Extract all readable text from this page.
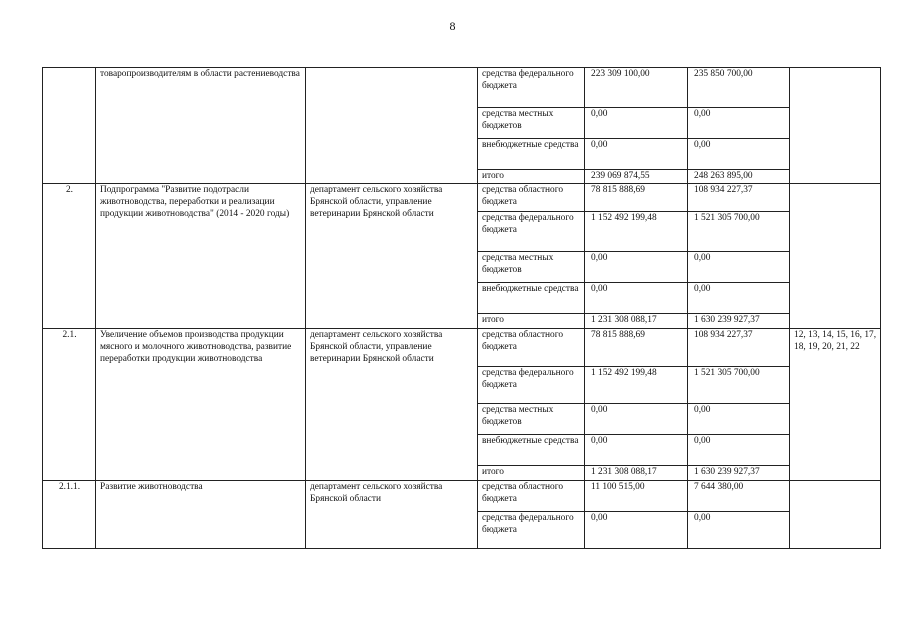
8
	товаропроизводителям в области растениеводства		средства федерального бюджета	223 309 100,00	235 850 700,00	
			средства местных бюджетов	0,00	0,00	
			внебюджетные средства	0,00	0,00	
			итого	239 069 874,55	248 263 895,00	
2.	Подпрограмма "Развитие подотрасли животноводства, переработки и реализации продукции животноводства" (2014 - 2020 годы)	департамент сельского хозяйства Брянской области, управление ветеринарии Брянской области	средства областного бюджета	78 815 888,69	108 934 227,37	
			средства федерального бюджета	1 152 492 199,48	1 521 305 700,00	
			средства местных бюджетов	0,00	0,00	
			внебюджетные средства	0,00	0,00	
			итого	1 231 308 088,17	1 630 239 927,37	
2.1.	Увеличение объемов производства продукции мясного и молочного животноводства, развитие переработки продукции животноводства	департамент сельского хозяйства Брянской области, управление ветеринарии Брянской области	средства областного бюджета	78 815 888,69	108 934 227,37	12, 13, 14, 15, 16, 17, 18, 19, 20, 21, 22
			средства федерального бюджета	1 152 492 199,48	1 521 305 700,00	
			средства местных бюджетов	0,00	0,00	
			внебюджетные средства	0,00	0,00	
			итого	1 231 308 088,17	1 630 239 927,37	
2.1.1.	Развитие животноводства	департамент сельского хозяйства Брянской области	средства областного бюджета	11 100 515,00	7 644 380,00	
			средства федерального бюджета	0,00	0,00	
